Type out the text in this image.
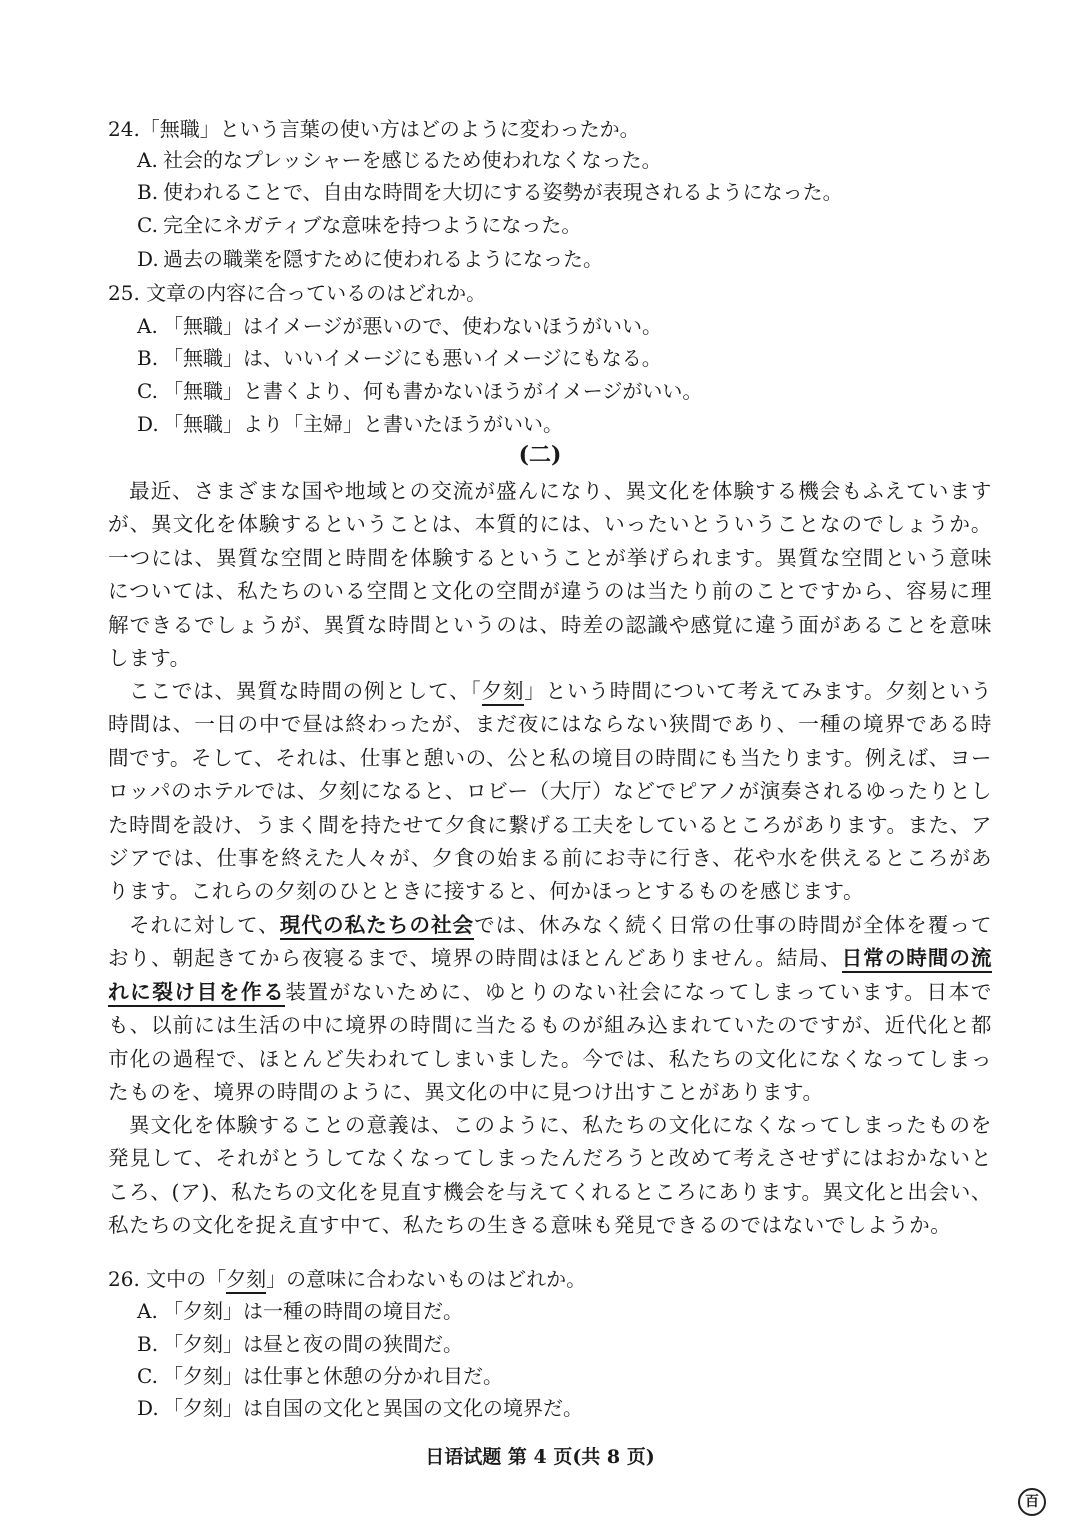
24.「無職」という言葉の使い方はどのように変わったか。
A. 社会的なプレッシャーを感じるため使われなくなった。
B. 使われることで、自由な時間を大切にする姿勢が表現されるようになった。
C. 完全にネガティブな意味を持つようになった。
D. 過去の職業を隠すために使われるようになった。
25. 文章の内容に合っているのはどれか。
A. 「無職」はイメージが悪いので、使わないほうがいい。
B. 「無職」は、いいイメージにも悪いイメージにもなる。
C. 「無職」と書くより、何も書かないほうがイメージがいい。
D. 「無職」より「主婦」と書いたほうがいい。
(二)
最近、さまざまな国や地域との交流が盛んになり、異文化を体験する機会もふえていますが、異文化を体験するということは、本質的には、いったいとういうことなのでしょうか。一つには、異質な空間と時間を体験するということが挙げられます。異質な空間という意味については、私たちのいる空間と文化の空間が違うのは当たり前のことですから、容易に理解できるでしょうが、異質な時間というのは、時差の認識や感覚に違う面があることを意味します。
ここでは、異質な時間の例として、「夕刻」という時間について考えてみます。夕刻という時間は、一日の中で昼は終わったが、まだ夜にはならない狭間であり、一種の境界である時間です。そして、それは、仕事と憩いの、公と私の境目の時間にも当たります。例えば、ヨーロッパのホテルでは、夕刻になると、ロビー（大厅）などでピアノが演奏されるゆったりとした時間を設け、うまく間を持たせて夕食に繋げる工夫をしているところがあります。また、アジアでは、仕事を終えた人々が、夕食の始まる前にお寺に行き、花や水を供えるところがあります。これらの夕刻のひとときに接すると、何かほっとするものを感じます。
それに対して、現代の私たちの社会では、休みなく続く日常の仕事の時間が全体を覆っており、朝起きてから夜寝るまで、境界の時間はほとんどありません。結局、日常の時間の流れに裂け目を作る装置がないために、ゆとりのない社会になってしまっています。日本でも、以前には生活の中に境界の時間に当たるものが組み込まれていたのですが、近代化と都市化の過程で、ほとんど失われてしまいました。今では、私たちの文化になくなってしまったものを、境界の時間のように、異文化の中に見つけ出すことがあります。
異文化を体験することの意義は、このように、私たちの文化になくなってしまったものを発見して、それがとうしてなくなってしまったんだろうと改めて考えさせずにはおかないところ、(ア)、私たちの文化を見直す機会を与えてくれるところにあります。異文化と出会い、私たちの文化を捉え直す中て、私たちの生きる意味も発見できるのではないでしようか。
26. 文中の「夕刻」の意味に合わないものはどれか。
A. 「夕刻」は一種の時間の境目だ。
B. 「夕刻」は昼と夜の間の狭間だ。
C. 「夕刻」は仕事と休憩の分かれ目だ。
D. 「夕刻」は自国の文化と異国の文化の境界だ。
日语试题 第 4 页(共 8 页)
百
